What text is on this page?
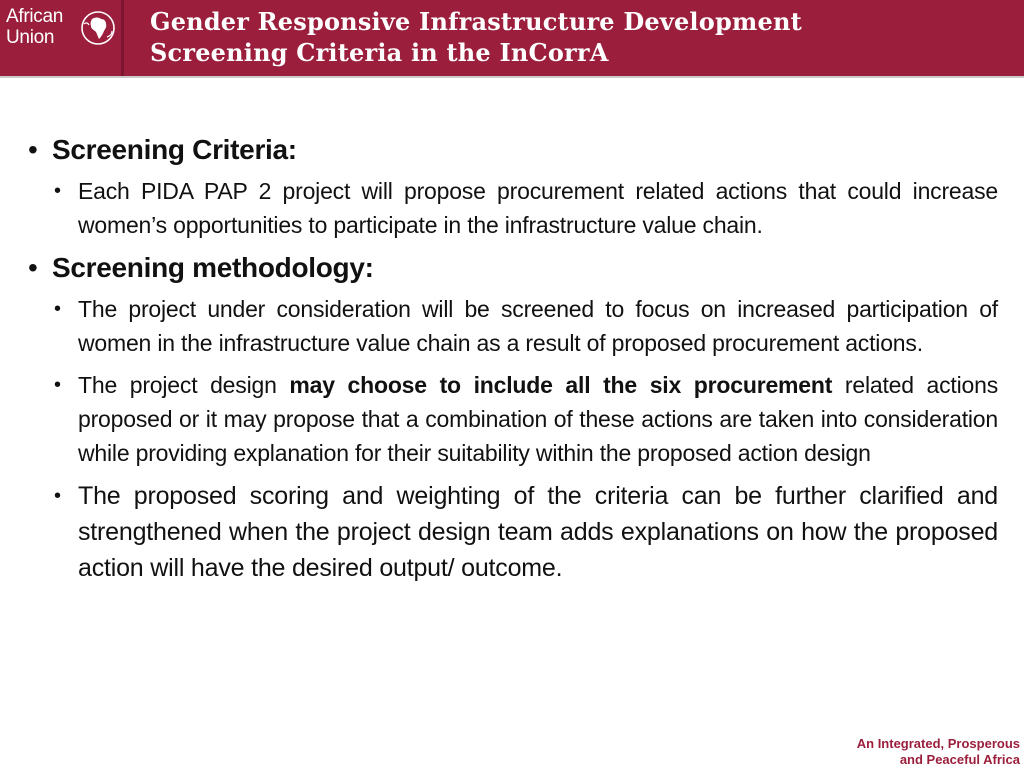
African
Union
Gender Responsive Infrastructure Development
Screening Criteria in the InCorrA
• Screening Criteria:
• Each PIDA PAP 2 project will propose procurement related actions that could increase women’s opportunities to participate in the infrastructure value chain.
• Screening methodology:
• The project under consideration will be screened to focus on increased participation of women in the infrastructure value chain as a result of proposed procurement actions.
• The project design may choose to include all the six procurement related actions proposed or it may propose that a combination of these actions are taken into consideration while providing explanation for their suitability within the proposed action design
• The proposed scoring and weighting of the criteria can be further clarified and strengthened when the project design team adds explanations on how the proposed action will have the desired output/ outcome.
An Integrated, Prosperous
and Peaceful Africa
